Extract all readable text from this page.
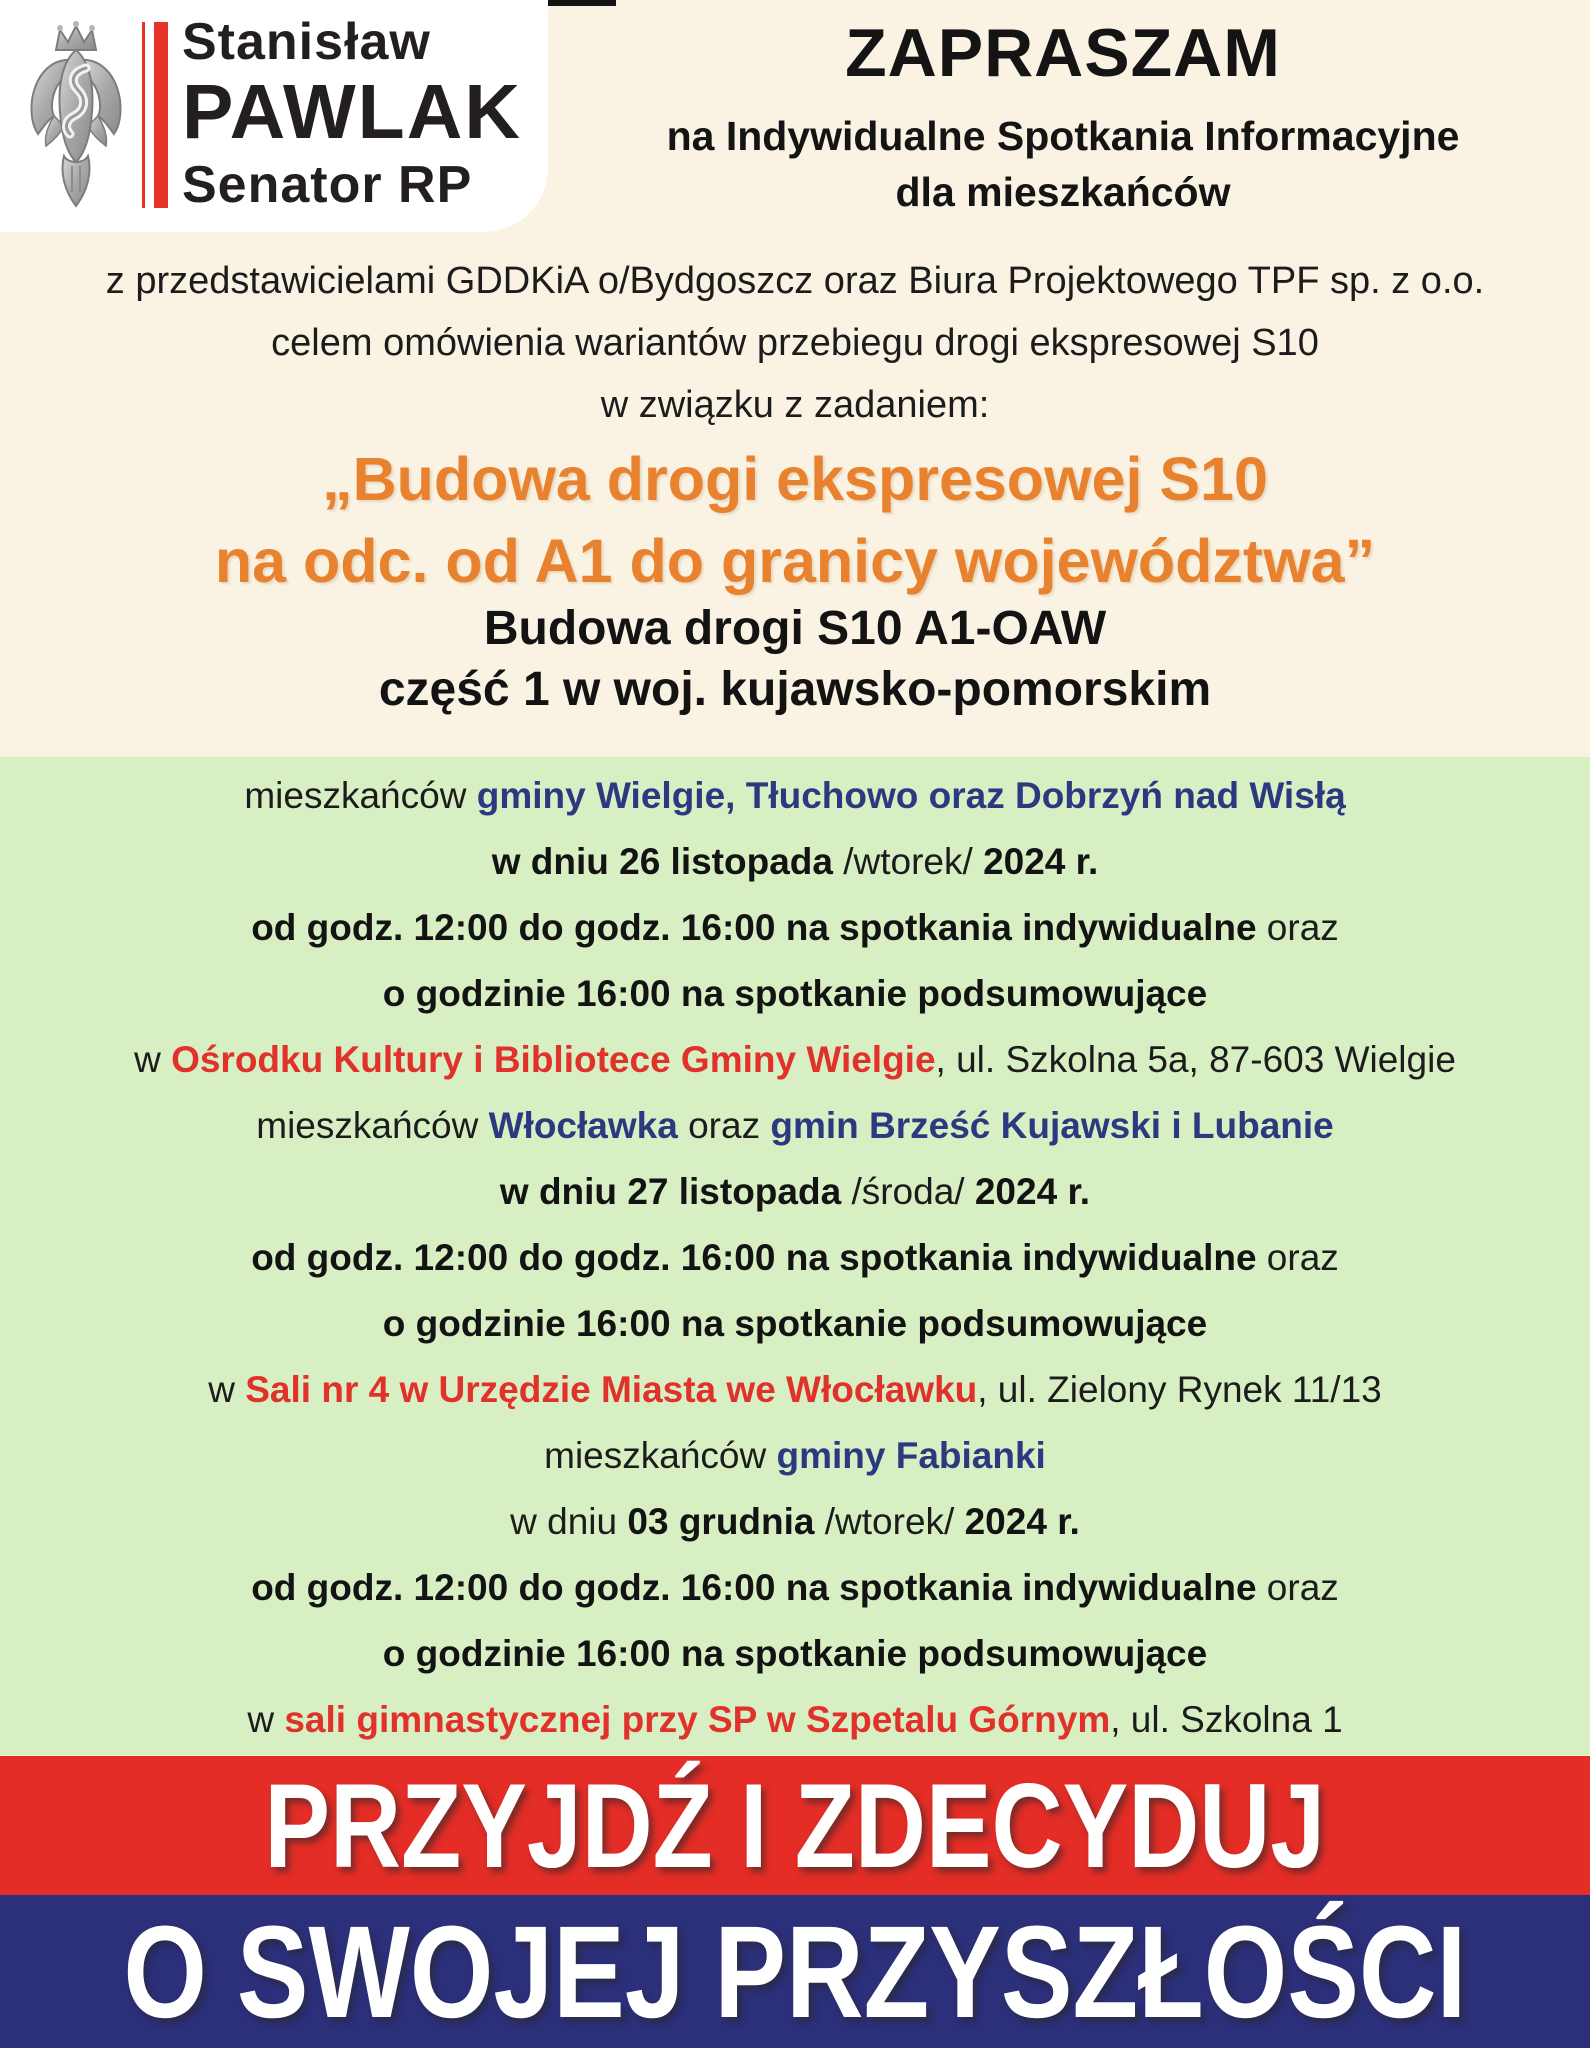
Stanisław
PAWLAK
Senator RP
ZAPRASZAM
na Indywidualne Spotkania Informacyjne
dla mieszkańców
z przedstawicielami GDDKiA o/Bydgoszcz oraz Biura Projektowego TPF sp. z o.o.
celem omówienia wariantów przebiegu drogi ekspresowej S10
w związku z zadaniem:
„Budowa drogi ekspresowej S10
na odc. od A1 do granicy województwa”
Budowa drogi S10 A1-OAW
część 1 w woj. kujawsko-pomorskim
mieszkańców gminy Wielgie, Tłuchowo oraz Dobrzyń nad Wisłą
w dniu 26 listopada /wtorek/ 2024 r.
od godz. 12:00 do godz. 16:00 na spotkania indywidualne oraz
o godzinie 16:00 na spotkanie podsumowujące
w Ośrodku Kultury i Bibliotece Gminy Wielgie, ul. Szkolna 5a, 87-603 Wielgie
mieszkańców Włocławka oraz gmin Brześć Kujawski i Lubanie
w dniu 27 listopada /środa/ 2024 r.
od godz. 12:00 do godz. 16:00 na spotkania indywidualne oraz
o godzinie 16:00 na spotkanie podsumowujące
w Sali nr 4 w Urzędzie Miasta we Włocławku, ul. Zielony Rynek 11/13
mieszkańców gminy Fabianki
w dniu 03 grudnia /wtorek/ 2024 r.
od godz. 12:00 do godz. 16:00 na spotkania indywidualne oraz
o godzinie 16:00 na spotkanie podsumowujące
w sali gimnastycznej przy SP w Szpetalu Górnym, ul. Szkolna 1
PRZYJDŹ I ZDECYDUJ
O SWOJEJ PRZYSZŁOŚCI
